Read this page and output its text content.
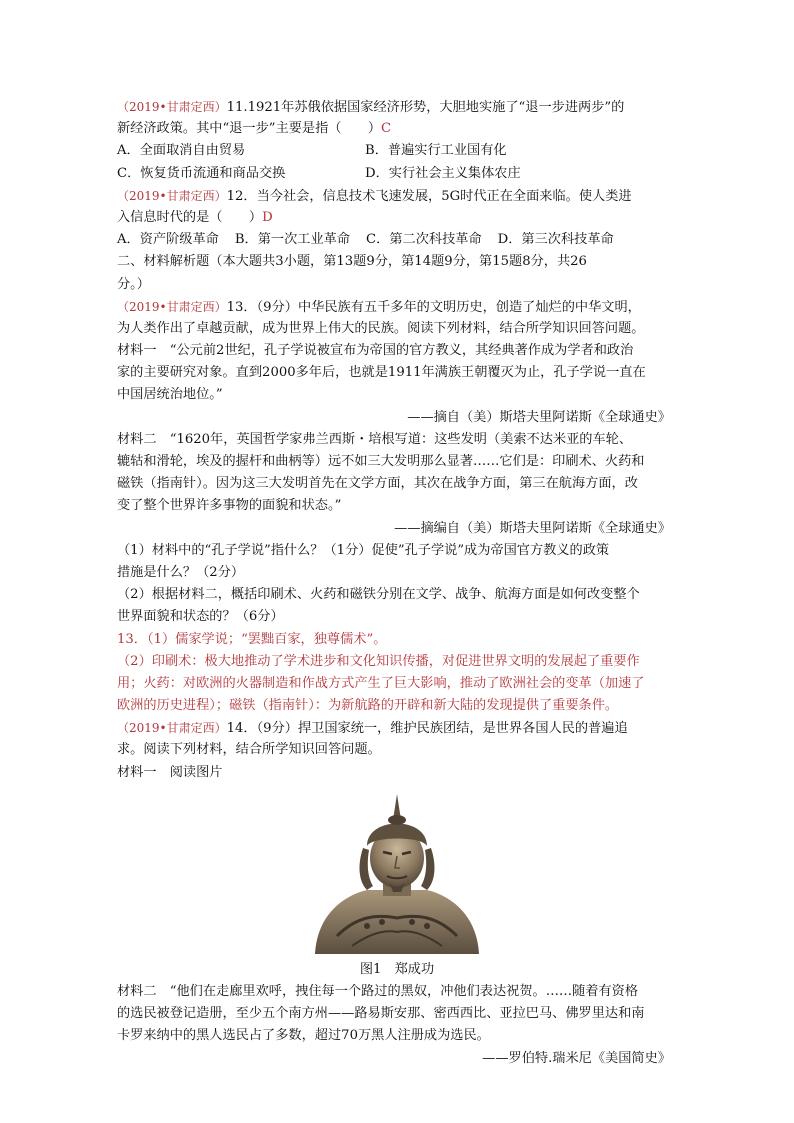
（2019•甘肃定西）11.1921年苏俄依据国家经济形势，大胆地实施了“退一步进两步”的
新经济政策。其中“退一步”主要是指（　　）C
A．全面取消自由贸易	B．普遍实行工业国有化
C．恢复货币流通和商品交换	D．实行社会主义集体农庄
（2019•甘肃定西）12．当今社会，信息技术飞速发展，5G时代正在全面来临。使人类进
入信息时代的是（　　）D
A．资产阶级革命 B．第一次工业革命 C．第二次科技革命 D．第三次科技革命
二、材料解析题（本大题共3小题，第13题9分，第14题9分，第15题8分，共26
分。）
（2019•甘肃定西）13．（9分）中华民族有五千多年的文明历史，创造了灿烂的中华文明，
为人类作出了卓越贡献，成为世界上伟大的民族。阅读下列材料，结合所学知识回答问题。
材料一　“公元前2世纪，孔子学说被宣布为帝国的官方教义，其经典著作成为学者和政治
家的主要研究对象。直到2000多年后，也就是1911年满族王朝覆灭为止，孔子学说一直在
中国居统治地位。”
——摘自（美）斯塔夫里阿诺斯《全球通史》
材料二　“1620年，英国哲学家弗兰西斯・培根写道：这些发明（美索不达米亚的车轮、
辘轱和滑轮，埃及的握杆和曲柄等）远不如三大发明那么显著……它们是：印刷术、火药和
磁铁（指南针）。因为这三大发明首先在文学方面，其次在战争方面，第三在航海方面，改
变了整个世界许多事物的面貌和状态。”
——摘编自（美）斯塔夫里阿诺斯《全球通史》
（1）材料中的“孔子学说”指什么？（1分）促使”孔子学说”成为帝国官方教义的政策
措施是什么？（2分）
（2）根据材料二，概括印刷术、火药和磁铁分别在文学、战争、航海方面是如何改变整个
世界面貌和状态的？（6分）
13．（1）儒家学说；“罢黜百家，独尊儒术”。
（2）印刷术：极大地推动了学术进步和文化知识传播，对促进世界文明的发展起了重要作
用；火药：对欧洲的火器制造和作战方式产生了巨大影响，推动了欧洲社会的变革（加速了
欧洲的历史进程）；磁铁（指南针）：为新航路的开辟和新大陆的发现提供了重要条件。
（2019•甘肃定西）14．（9分）捍卫国家统一，维护民族团结，是世界各国人民的普遍追
求。阅读下列材料，结合所学知识回答问题。
材料一　阅读图片
图1　郑成功
材料二　“他们在走廊里欢呼，拽住每一个路过的黑奴，冲他们表达祝贺。……随着有资格
的选民被登记造册，至少五个南方州——路易斯安那、密西西比、亚拉巴马、佛罗里达和南
卡罗来纳中的黑人选民占了多数，超过70万黑人注册成为选民。
——罗伯特.瑞米尼《美国简史》
